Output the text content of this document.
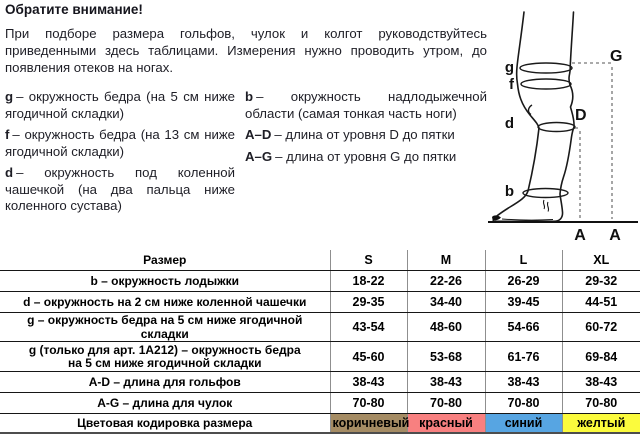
Обратите внимание!

При подборе размера гольфов, чулок и колгот руководствуйтесь приведенными здесь таблицами. Измерения нужно проводить утром, до появления отеков на ногах.

g – окружность бедра (на 5 см ниже ягодичной складки)

f – окружность бедра (на 13 см ниже ягодичной складки)

d – окружность под коленной чашечкой (на два пальца ниже коленного сустава)

b – окружность надлодыжечной области (самая тонкая часть ноги)

A–D – длина от уровня D до пятки

A–G – длина от уровня G до пятки

g
f
d
b
G
D
A A
Размер	S	M	L	XL
b – окружность лодыжки	18-22	22-26	26-29	29-32
d – окружность на 2 см ниже коленной чашечки	29-35	34-40	39-45	44-51
g – окружность бедра на 5 см ниже ягодичной складки	43-54	48-60	54-66	60-72

g (только для арт. 1A212) – окружность бедра
на 5 см ниже ягодичной складки	45-60	53-68	61-76	69-84
A-D – длина для гольфов	38-43	38-43	38-43	38-43
A-G – длина для чулок	70-80	70-80	70-80	70-80
Цветовая кодировка размера	коричневый	красный	синий	желтый
